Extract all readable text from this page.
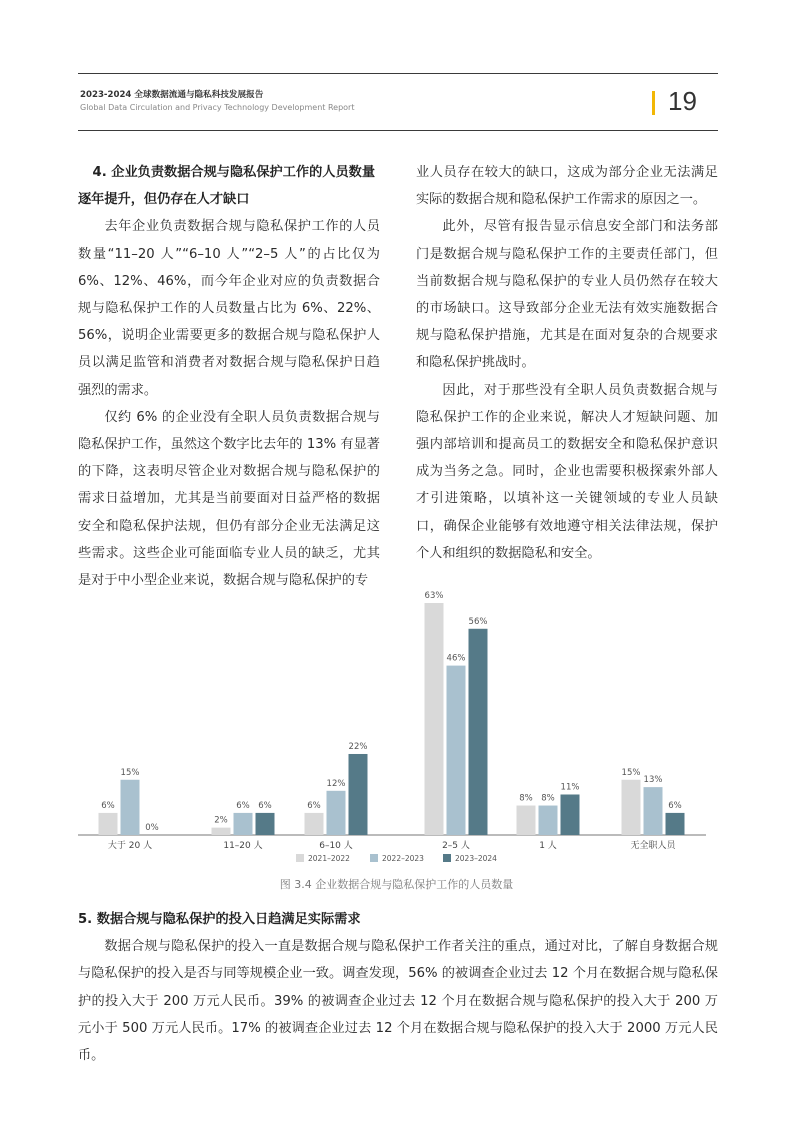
2023-2024 全球数据流通与隐私科技发展报告
Global Data Circulation and Privacy Technology Development Report	19
4. 企业负责数据合规与隐私保护工作的人员数量逐年提升，但仍存在人才缺口

去年企业负责数据合规与隐私保护工作的人员数量“11–20 人”“6–10 人”“2–5 人”的占比仅为 6%、12%、46%，而今年企业对应的负责数据合规与隐私保护工作的人员数量占比为 6%、22%、56%，说明企业需要更多的数据合规与隐私保护人员以满足监管和消费者对数据合规与隐私保护日趋强烈的需求。

仅约 6% 的企业没有全职人员负责数据合规与隐私保护工作，虽然这个数字比去年的 13% 有显著的下降，这表明尽管企业对数据合规与隐私保护的需求日益增加，尤其是当前要面对日益严格的数据安全和隐私保护法规，但仍有部分企业无法满足这些需求。这些企业可能面临专业人员的缺乏，尤其是对于中小型企业来说，数据合规与隐私保护的专

业人员存在较大的缺口，这成为部分企业无法满足实际的数据合规和隐私保护工作需求的原因之一。

此外，尽管有报告显示信息安全部门和法务部门是数据合规与隐私保护工作的主要责任部门，但当前数据合规与隐私保护的专业人员仍然存在较大的市场缺口。这导致部分企业无法有效实施数据合规与隐私保护措施，尤其是在面对复杂的合规要求和隐私保护挑战时。

因此，对于那些没有全职人员负责数据合规与隐私保护工作的企业来说，解决人才短缺问题、加强内部培训和提高员工的数据安全和隐私保护意识成为当务之急。同时，企业也需要积极探索外部人才引进策略，以填补这一关键领域的专业人员缺口，确保企业能够有效地遵守相关法律法规，保护个人和组织的数据隐私和安全。

6%
15%
0%
大于 20 人
2%
6% 6%
11–20 人
6%
12%
22%
6–10 人
63%
46%
56%
2–5 人
8% 8%
11%
1 人
15%
13%
6%
无全职人员
2021–2022	2022–2023	2023–2024
图 3.4 企业数据合规与隐私保护工作的人员数量
5. 数据合规与隐私保护的投入日趋满足实际需求

数据合规与隐私保护的投入一直是数据合规与隐私保护工作者关注的重点，通过对比，了解自身数据合规与隐私保护的投入是否与同等规模企业一致。调查发现，56% 的被调查企业过去 12 个月在数据合规与隐私保护的投入大于 200 万元人民币。39% 的被调查企业过去 12 个月在数据合规与隐私保护的投入大于 200 万元小于 500 万元人民币。17% 的被调查企业过去 12 个月在数据合规与隐私保护的投入大于 2000 万元人民币。
